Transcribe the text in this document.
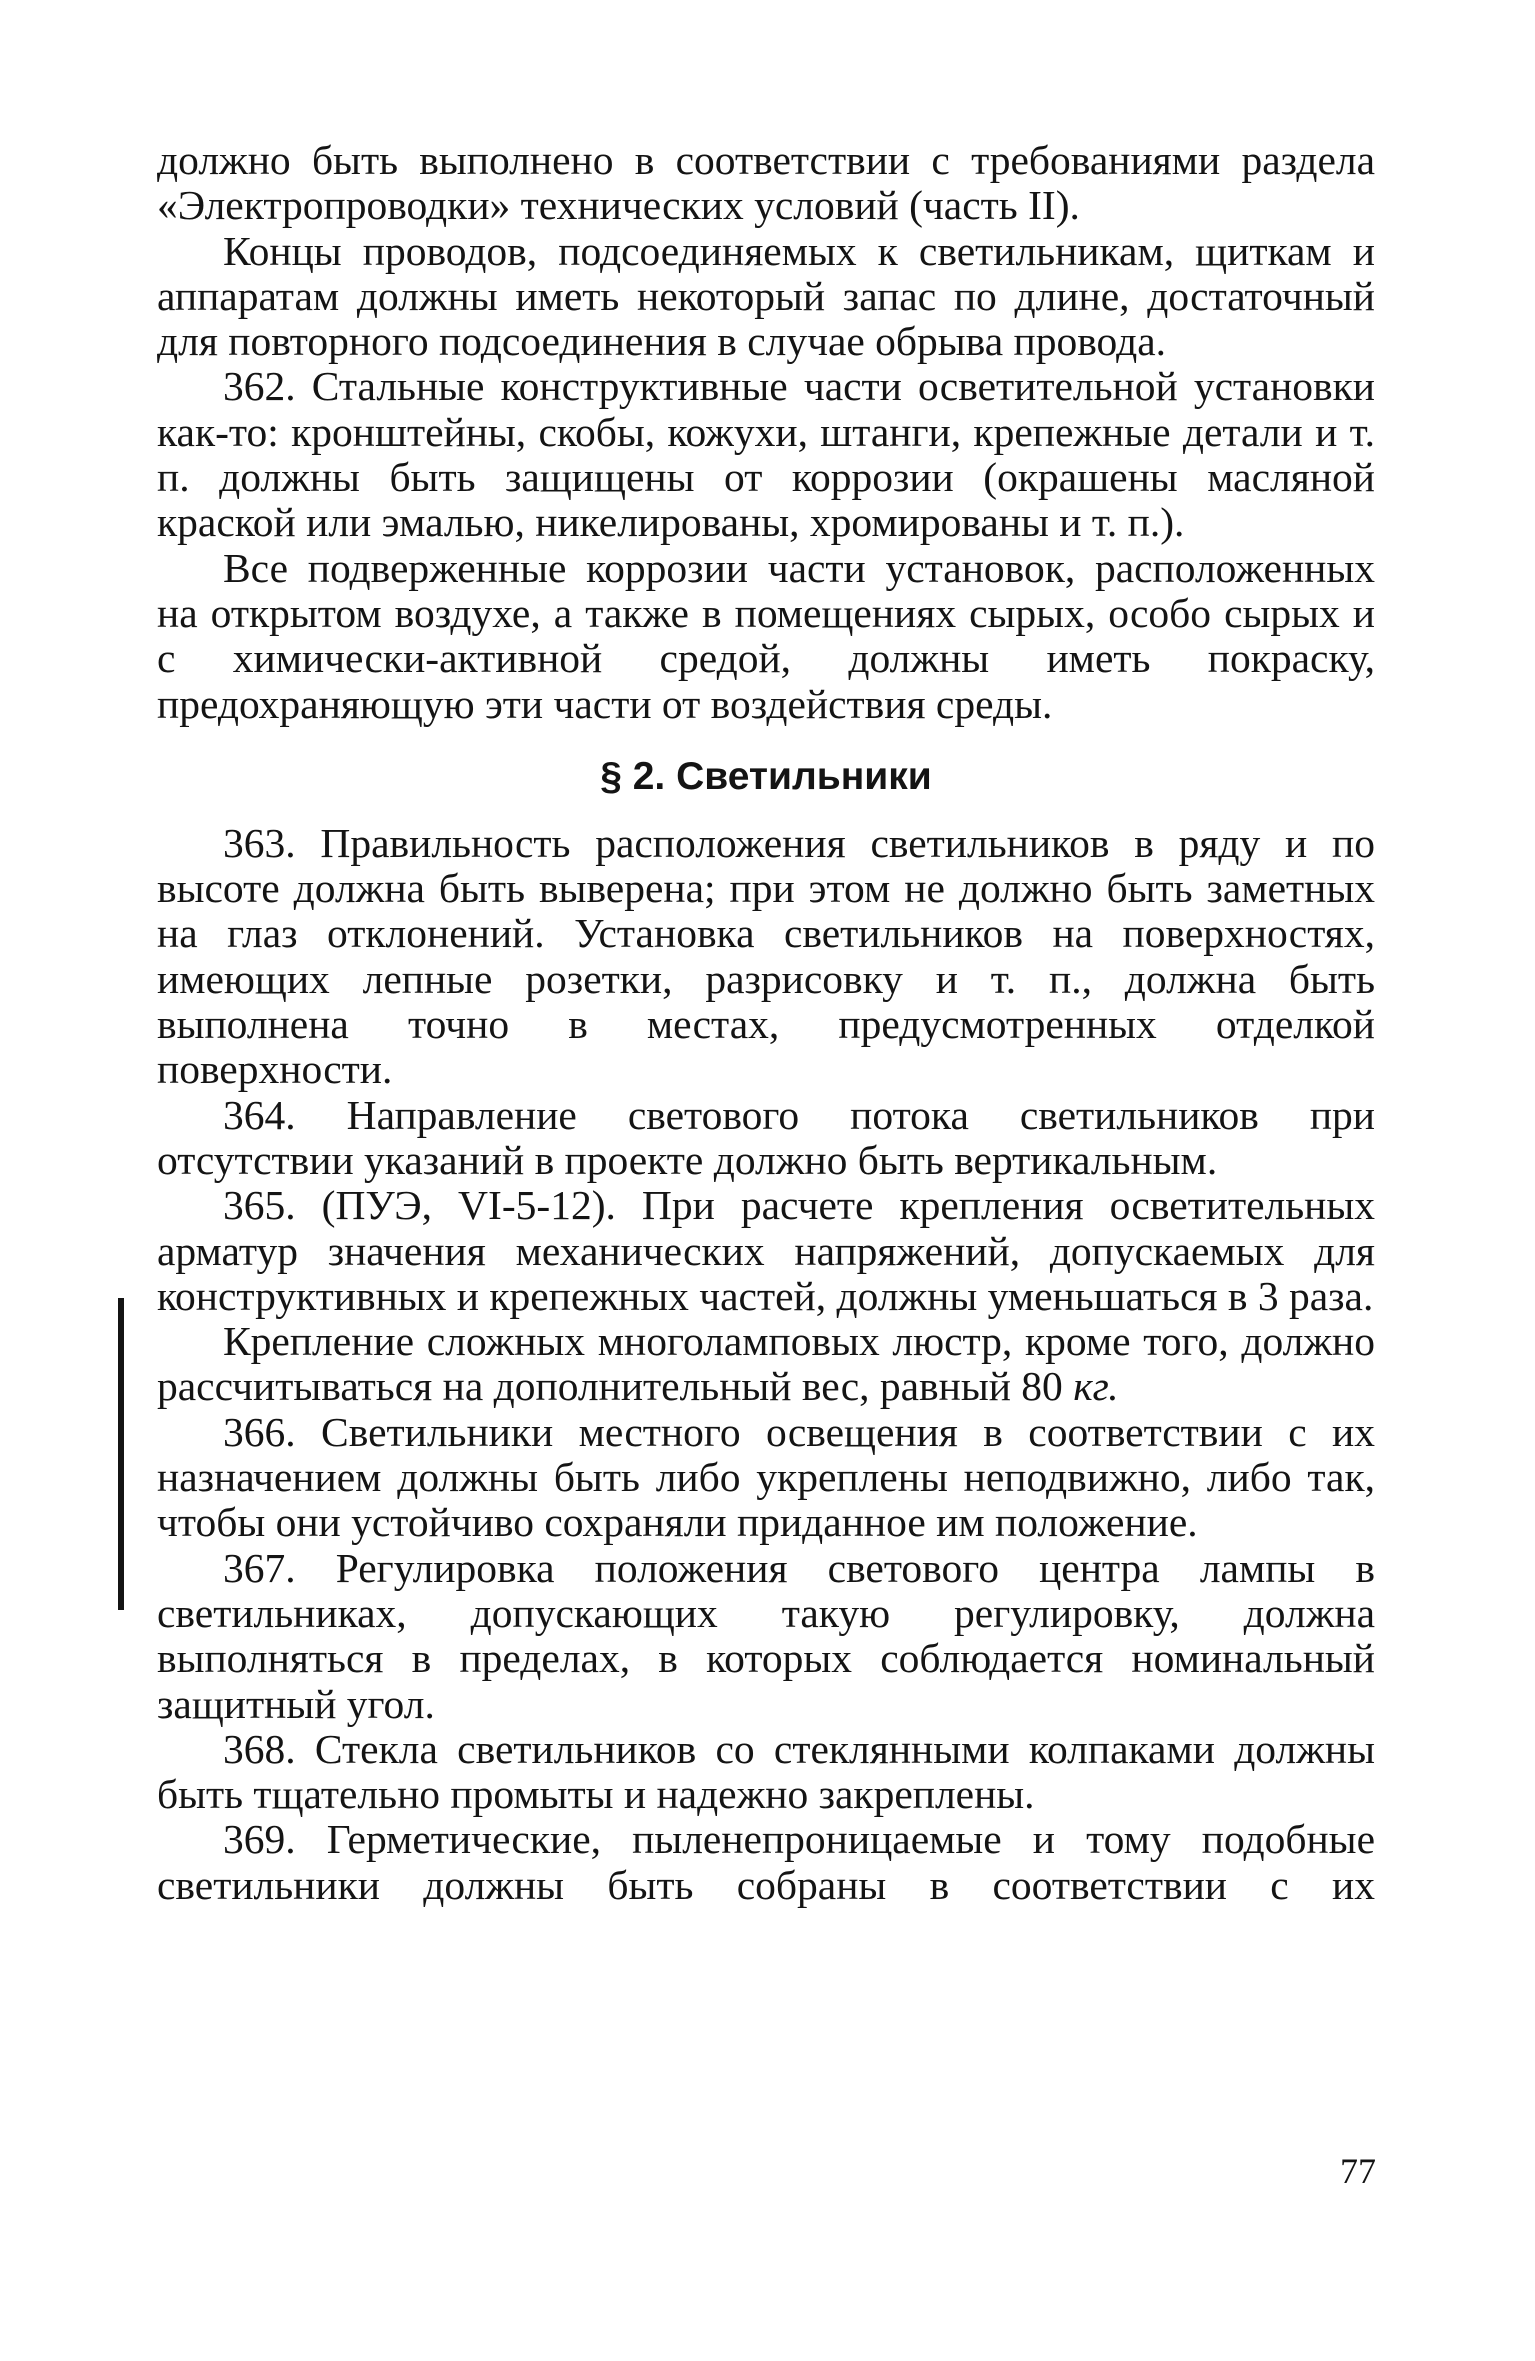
должно быть выполнено в соответствии с требованиями раздела «Электропроводки» технических условий (часть II).

Концы проводов, подсоединяемых к светильникам, щиткам и аппаратам должны иметь некоторый запас по длине, достаточный для повторного подсоединения в случае обрыва провода.

362. Стальные конструктивные части осветительной установки как-то: кронштейны, скобы, кожухи, штанги, крепежные детали и т. п. должны быть защищены от коррозии (окрашены масляной краской или эмалью, никелированы, хромированы и т. п.).

Все подверженные коррозии части установок, расположенных на открытом воздухе, а также в помещениях сырых, особо сырых и с химически-активной средой, должны иметь покраску, предохраняющую эти части от воздействия среды.

§ 2. Светильники

363. Правильность расположения светильников в ряду и по высоте должна быть выверена; при этом не должно быть заметных на глаз отклонений. Установка светильников на поверхностях, имеющих лепные розетки, разрисовку и т. п., должна быть выполнена точно в местах, предусмотренных отделкой поверхности.

364. Направление светового потока светильников при отсутствии указаний в проекте должно быть вертикальным.

365. (ПУЭ, VI-5-12). При расчете крепления осветительных арматур значения механических напряжений, допускаемых для конструктивных и крепежных частей, должны уменьшаться в 3 раза.

Крепление сложных многоламповых люстр, кроме того, должно рассчитываться на дополнительный вес, равный 80 кг.

366. Светильники местного освещения в соответствии с их назначением должны быть либо укреплены неподвижно, либо так, чтобы они устойчиво сохраняли приданное им положение.

367. Регулировка положения светового центра лампы в светильниках, допускающих такую регулировку, должна выполняться в пределах, в которых соблюдается номинальный защитный угол.

368. Стекла светильников со стеклянными колпаками должны быть тщательно промыты и надежно закреплены.

369. Герметические, пыленепроницаемые и тому подобные светильники должны быть собраны в соответствии с их

77
